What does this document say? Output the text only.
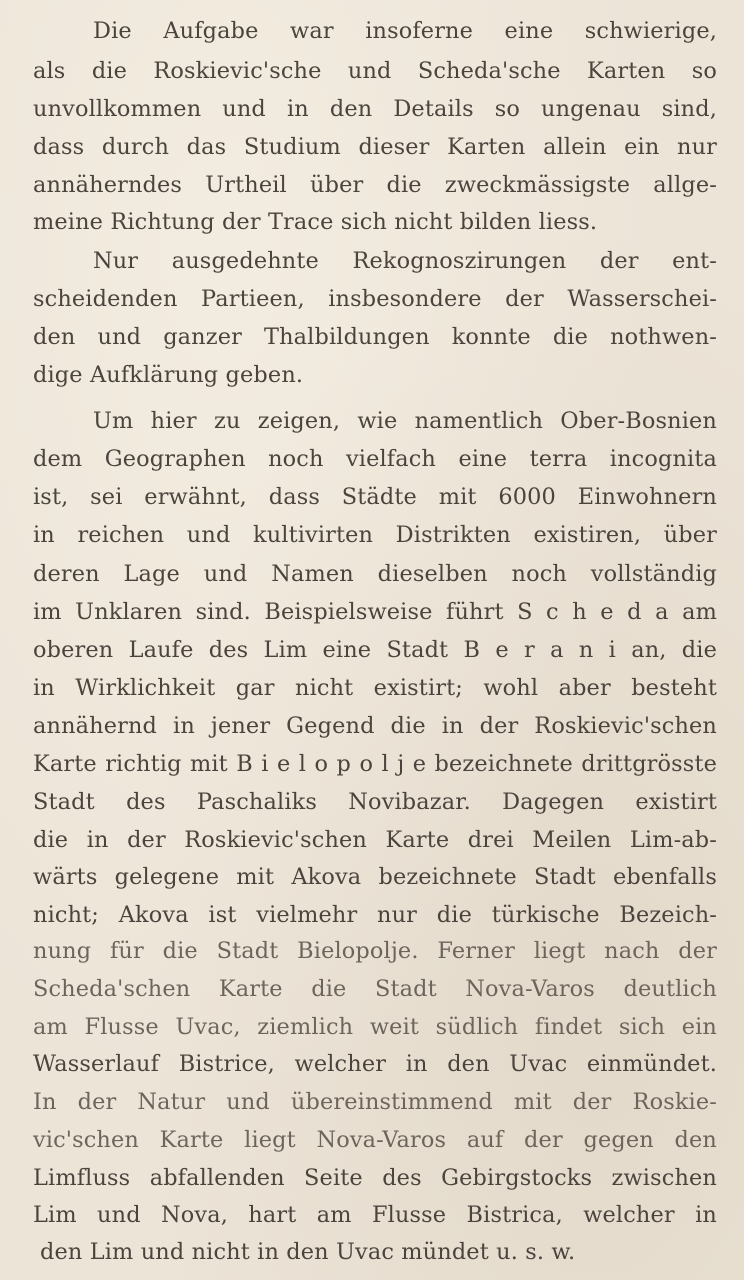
Die Aufgabe war insoferne eine schwierige,
als die Roskievic'sche und Scheda'sche Karten so
unvollkommen und in den Details so ungenau sind,
dass durch das Studium dieser Karten allein ein nur
annäherndes Urtheil über die zweckmässigste allge-
meine Richtung der Trace sich nicht bilden liess.
Nur ausgedehnte Rekognoszirungen der ent-
scheidenden Partieen, insbesondere der Wasserschei-
den und ganzer Thalbildungen konnte die nothwen-
dige Aufklärung geben.
Um hier zu zeigen, wie namentlich Ober-Bosnien
dem Geographen noch vielfach eine terra incognita
ist, sei erwähnt, dass Städte mit 6000 Einwohnern
in reichen und kultivirten Distrikten existiren, über
deren Lage und Namen dieselben noch vollständig
im Unklaren sind. Beispielsweise führt S c h e d a am
oberen Laufe des Lim eine Stadt B e r a n i an, die
in Wirklichkeit gar nicht existirt; wohl aber besteht
annähernd in jener Gegend die in der Roskievic'schen
Karte richtig mit B i e l o p o l j e bezeichnete drittgrösste
Stadt des Paschaliks Novibazar. Dagegen existirt
die in der Roskievic'schen Karte drei Meilen Lim-ab-
wärts gelegene mit Akova bezeichnete Stadt ebenfalls
nicht; Akova ist vielmehr nur die türkische Bezeich-
nung für die Stadt Bielopolje. Ferner liegt nach der
Scheda'schen Karte die Stadt Nova-Varos deutlich
am Flusse Uvac, ziemlich weit südlich findet sich ein
Wasserlauf Bistrice, welcher in den Uvac einmündet.
In der Natur und übereinstimmend mit der Roskie-
vic'schen Karte liegt Nova-Varos auf der gegen den
Limfluss abfallenden Seite des Gebirgstocks zwischen
Lim und Nova, hart am Flusse Bistrica, welcher in
den Lim und nicht in den Uvac mündet u. s. w.
